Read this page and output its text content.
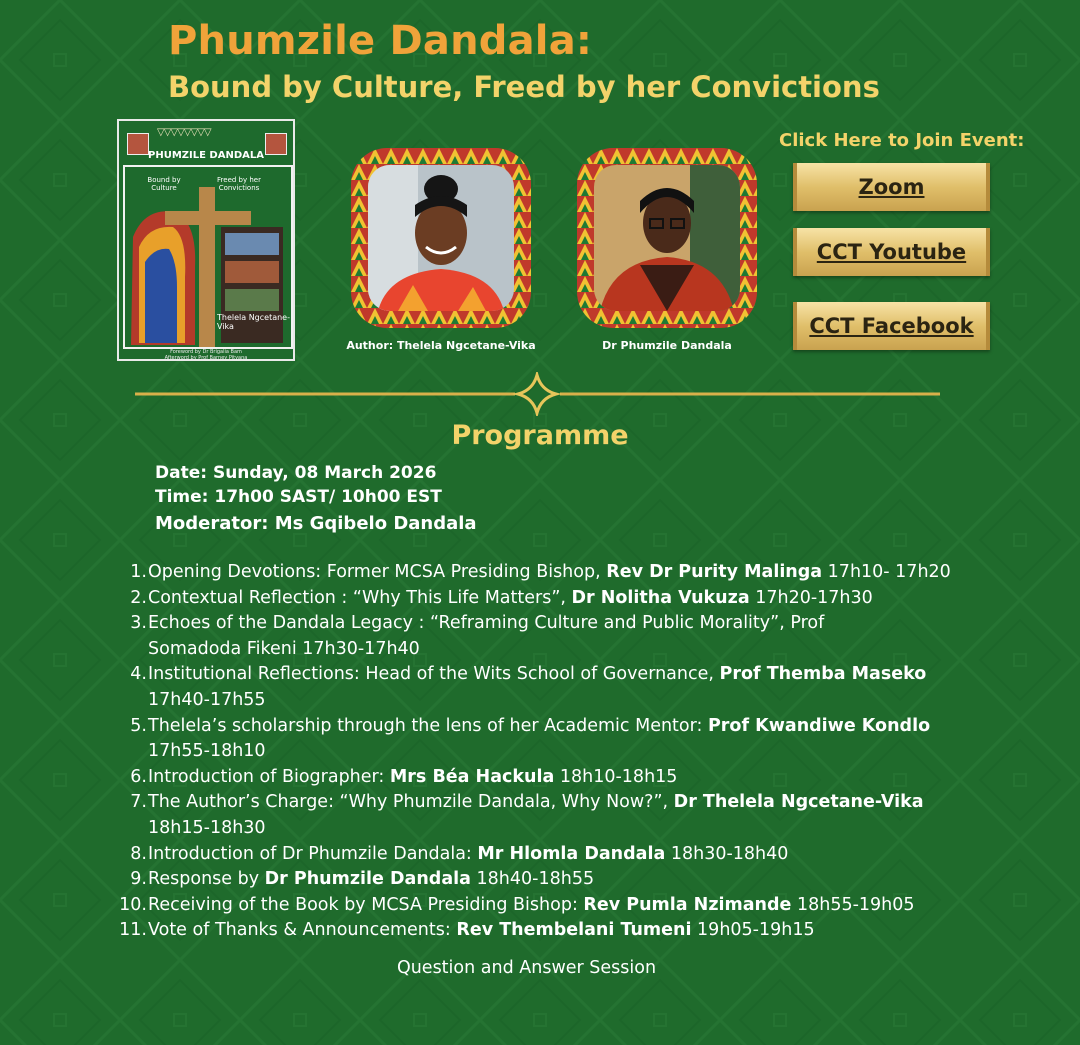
Phumzile Dandala:
Bound by Culture, Freed by her Convictions
▽▽▽▽▽▽▽▽
PHUMZILE DANDALA
Bound by Culture
Freed by her Convictions
Thelela Ngcetane-Vika
Foreword by Dr Brigalia Bam
Afterword by Prof Barney Pityana
Author: Thelela Ngcetane-Vika	Dr Phumzile Dandala
Click Here to Join Event:
Zoom
CCT Youtube
CCT Facebook
Programme
Date: Sunday, 08 March 2026
Time: 17h00 SAST/ 10h00 EST
Moderator: Ms Gqibelo Dandala
1. Opening Devotions: Former MCSA Presiding Bishop, Rev Dr Purity Malinga 17h10- 17h20
2. Contextual Reflection : “Why This Life Matters”, Dr Nolitha Vukuza 17h20-17h30
3. Echoes of the Dandala Legacy : “Reframing Culture and Public Morality”, Prof
Somadoda Fikeni 17h30-17h40
4. Institutional Reflections: Head of the Wits School of Governance, Prof Themba Maseko
17h40-17h55
5. Thelela’s scholarship through the lens of her Academic Mentor: Prof Kwandiwe Kondlo
17h55-18h10
6. Introduction of Biographer: Mrs Béa Hackula 18h10-18h15
7. The Author’s Charge: “Why Phumzile Dandala, Why Now?”, Dr Thelela Ngcetane-Vika
18h15-18h30
8. Introduction of Dr Phumzile Dandala: Mr Hlomla Dandala 18h30-18h40
9. Response by Dr Phumzile Dandala 18h40-18h55
10. Receiving of the Book by MCSA Presiding Bishop: Rev Pumla Nzimande 18h55-19h05
11. Vote of Thanks & Announcements: Rev Thembelani Tumeni 19h05-19h15
Question and Answer Session
